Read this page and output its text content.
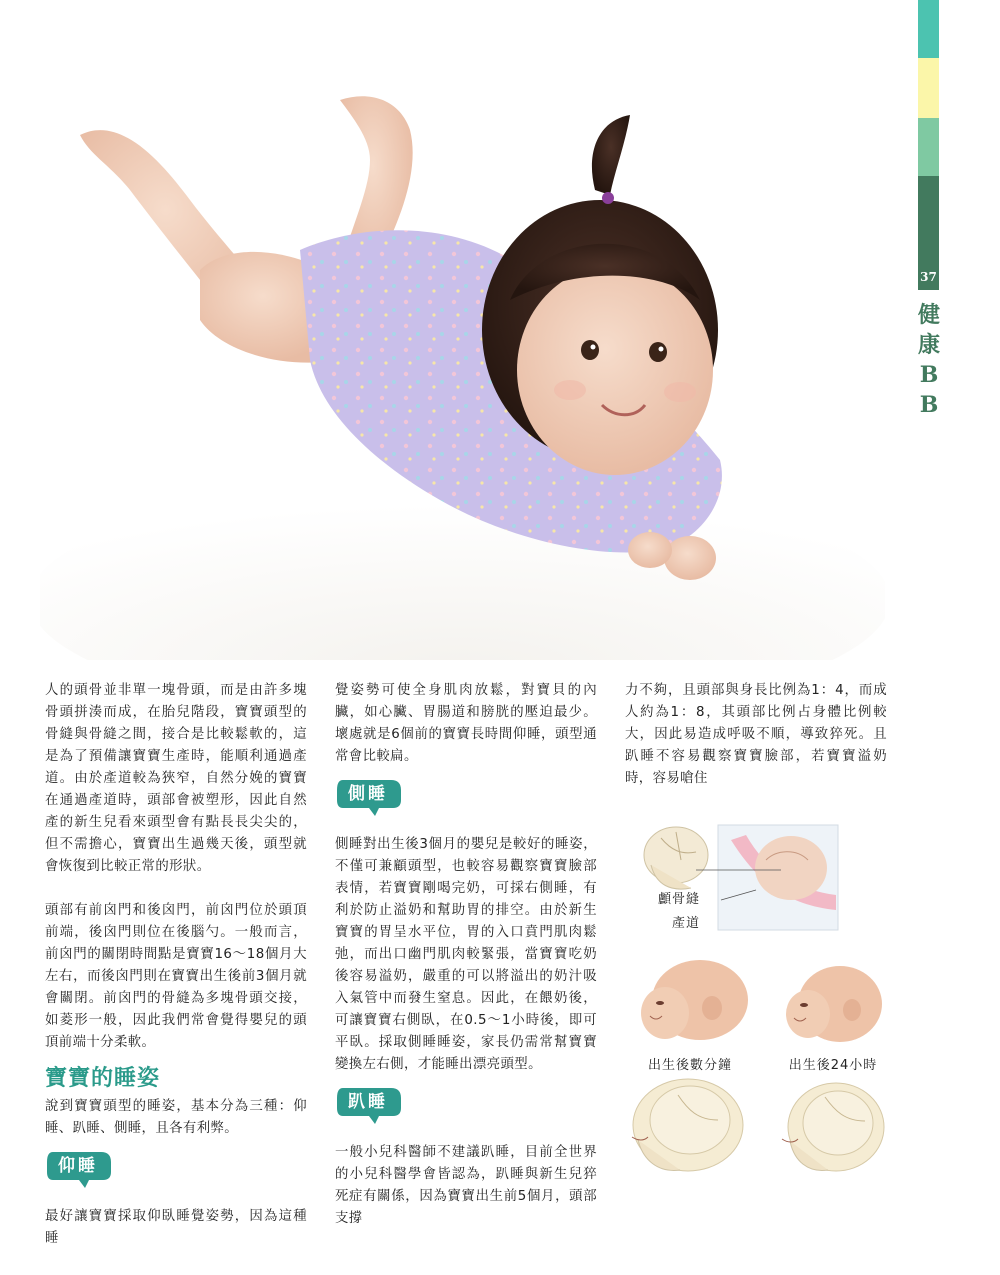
37
健
康
B
B

人的頭骨並非單一塊骨頭，而是由許多塊骨頭拼湊而成，在胎兒階段，寶寶頭型的骨縫與骨縫之間，接合是比較鬆軟的，這是為了預備讓寶寶生產時，能順利通過產道。由於產道較為狹窄，自然分娩的寶寶在通過產道時，頭部會被塑形，因此自然產的新生兒看來頭型會有點長長尖尖的，但不需擔心，寶寶出生過幾天後，頭型就會恢復到比較正常的形狀。

頭部有前囟門和後囟門，前囟門位於頭頂前端，後囟門則位在後腦勺。一般而言，前囟門的關閉時間點是寶寶16～18個月大左右，而後囟門則在寶寶出生後前3個月就會關閉。前囟門的骨縫為多塊骨頭交接，如菱形一般，因此我們常會覺得嬰兒的頭頂前端十分柔軟。

寶寶的睡姿

說到寶寶頭型的睡姿，基本分為三種：仰睡、趴睡、側睡，且各有利弊。

仰睡

最好讓寶寶採取仰臥睡覺姿勢，因為這種睡

覺姿勢可使全身肌肉放鬆，對寶貝的內臟，如心臟、胃腸道和膀胱的壓迫最少。壞處就是6個前的寶寶長時間仰睡，頭型通常會比較扁。

側睡

側睡對出生後3個月的嬰兒是較好的睡姿，不僅可兼顧頭型，也較容易觀察寶寶臉部表情，若寶寶剛喝完奶，可採右側睡，有利於防止溢奶和幫助胃的排空。由於新生寶寶的胃呈水平位，胃的入口賁門肌肉鬆弛，而出口幽門肌肉較緊張，當寶寶吃奶後容易溢奶，嚴重的可以將溢出的奶汁吸入氣管中而發生窒息。因此，在餵奶後，可讓寶寶右側臥，在0.5～1小時後，即可平臥。採取側睡睡姿，家長仍需常幫寶寶變換左右側，才能睡出漂亮頭型。

趴睡

一般小兒科醫師不建議趴睡，目前全世界的小兒科醫學會皆認為，趴睡與新生兒猝死症有關係，因為寶寶出生前5個月，頭部支撐

力不夠，且頭部與身長比例為1：4，而成人約為1：8，其頭部比例占身體比例較大，因此易造成呼吸不順，導致猝死。且趴睡不容易觀察寶寶臉部，若寶寶溢奶時，容易嗆住

顱骨縫
產道
出生後數分鐘	出生後24小時
